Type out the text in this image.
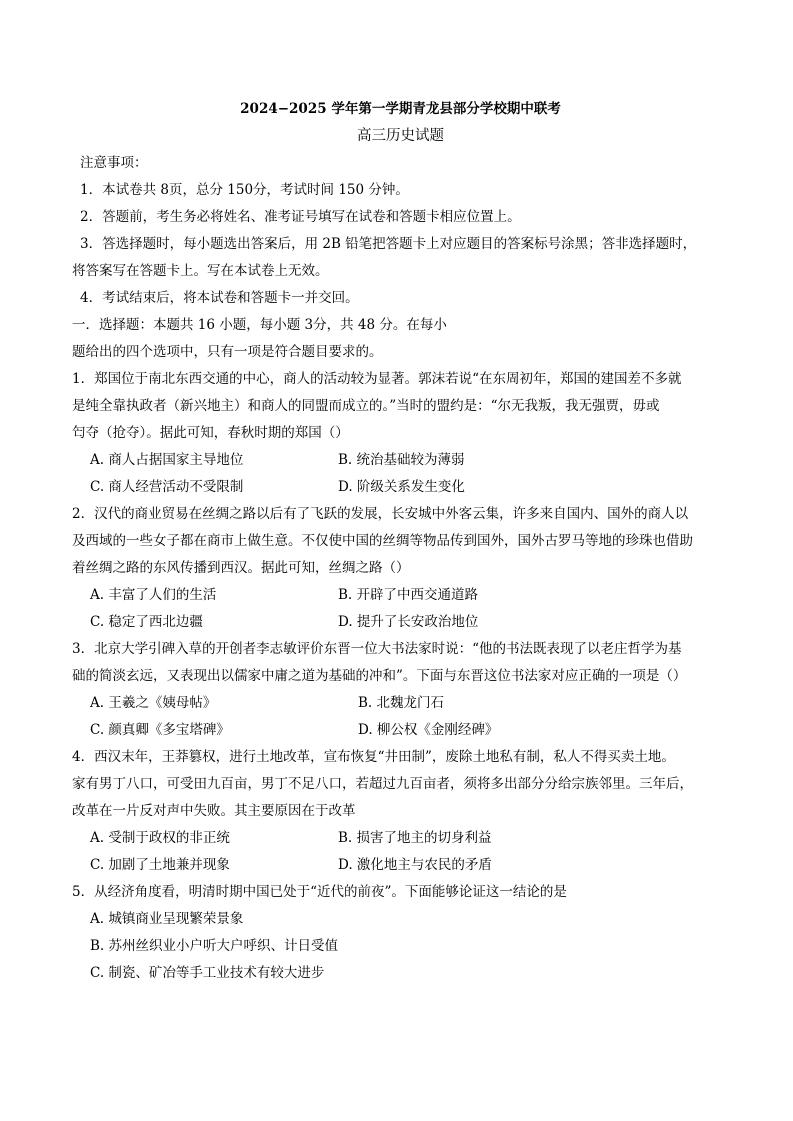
2024−2025 学年第一学期青龙县部分学校期中联考
高三历史试题

注意事项：

1．本试卷共 8页，总分 150分，考试时间 150 分钟。

2．答题前，考生务必将姓名、准考证号填写在试卷和答题卡相应位置上。

3．答选择题时，每小题选出答案后，用 2B 铅笔把答题卡上对应题目的答案标号涂黑；答非选择题时，

将答案写在答题卡上。写在本试卷上无效。

4．考试结束后，将本试卷和答题卡一并交回。

一．选择题：本题共 16 小题，每小题 3分，共 48 分。在每小

题给出的四个选项中，只有一项是符合题目要求的。

1．郑国位于南北东西交通的中心，商人的活动较为显著。郭沫若说“在东周初年，郑国的建国差不多就

是纯全靠执政者（新兴地主）和商人的同盟而成立的。”当时的盟约是：“尔无我叛，我无强贾，毋或

匄夺（抢夺）。据此可知，春秋时期的郑国（）

A. 商人占据国家主导地位	B. 统治基础较为薄弱
C. 商人经营活动不受限制	D. 阶级关系发生变化

2．汉代的商业贸易在丝绸之路以后有了飞跃的发展，长安城中外客云集，许多来自国内、国外的商人以

及西域的一些女子都在商市上做生意。不仅使中国的丝绸等物品传到国外，国外古罗马等地的珍珠也借助

着丝绸之路的东风传播到西汉。据此可知，丝绸之路（）

A. 丰富了人们的生活	B. 开辟了中西交通道路
C. 稳定了西北边疆	D. 提升了长安政治地位

3．北京大学引碑入草的开创者李志敏评价东晋一位大书法家时说：“他的书法既表现了以老庄哲学为基

础的简淡玄远，又表现出以儒家中庸之道为基础的冲和”。下面与东晋这位书法家对应正确的一项是（）

A. 王羲之《姨母帖》	B. 北魏龙门石
C. 颜真卿《多宝塔碑》	D. 柳公权《金刚经碑》

4．西汉末年，王莽篡权，进行土地改革，宣布恢复“井田制”，废除土地私有制，私人不得买卖土地。

家有男丁八口，可受田九百亩，男丁不足八口，若超过九百亩者，须将多出部分分给宗族邻里。三年后，

改革在一片反对声中失败。其主要原因在于改革

A. 受制于政权的非正统	B. 损害了地主的切身利益
C. 加剧了土地兼并现象	D. 激化地主与农民的矛盾

5．从经济角度看，明清时期中国已处于“近代的前夜”。下面能够论证这一结论的是

A. 城镇商业呈现繁荣景象

B. 苏州丝织业小户听大户呼织、计日受值

C. 制瓷、矿冶等手工业技术有较大进步
